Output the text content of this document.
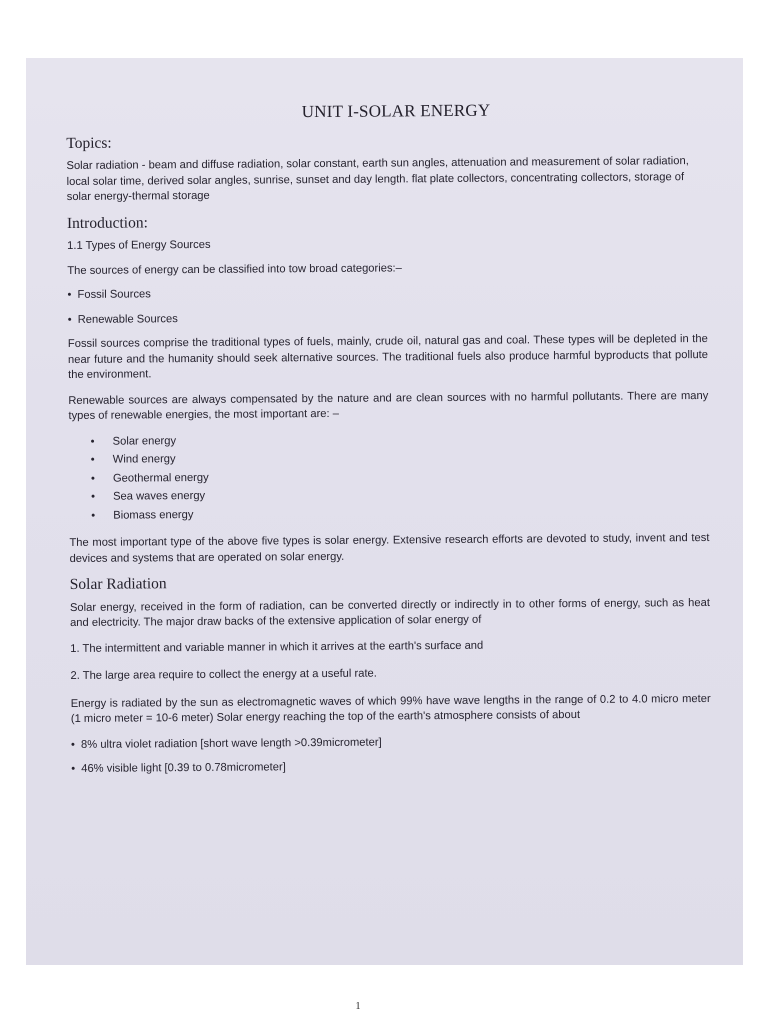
UNIT I-SOLAR ENERGY
Topics:
Solar radiation - beam and diffuse radiation, solar constant, earth sun angles, attenuation and measurement of solar radiation, local solar time, derived solar angles, sunrise, sunset and day length. flat plate collectors, concentrating collectors, storage of solar energy-thermal storage
Introduction:
1.1 Types of Energy Sources
The sources of energy can be classified into tow broad categories:–
• Fossil Sources
• Renewable Sources
Fossil sources comprise the traditional types of fuels, mainly, crude oil, natural gas and coal. These types will be depleted in the near future and the humanity should seek alternative sources. The traditional fuels also produce harmful byproducts that pollute the environment.
Renewable sources are always compensated by the nature and are clean sources with no harmful pollutants. There are many types of renewable energies, the most important are: –
• Solar energy
• Wind energy
• Geothermal energy
• Sea waves energy
• Biomass energy
The most important type of the above five types is solar energy. Extensive research efforts are devoted to study, invent and test devices and systems that are operated on solar energy.
Solar Radiation
Solar energy, received in the form of radiation, can be converted directly or indirectly in to other forms of energy, such as heat and electricity. The major draw backs of the extensive application of solar energy of
1. The intermittent and variable manner in which it arrives at the earth's surface and
2. The large area require to collect the energy at a useful rate.
Energy is radiated by the sun as electromagnetic waves of which 99% have wave lengths in the range of 0.2 to 4.0 micro meter (1 micro meter = 10-6 meter) Solar energy reaching the top of the earth's atmosphere consists of about
• 8% ultra violet radiation [short wave length >0.39micrometer]
• 46% visible light [0.39 to 0.78micrometer]
1
